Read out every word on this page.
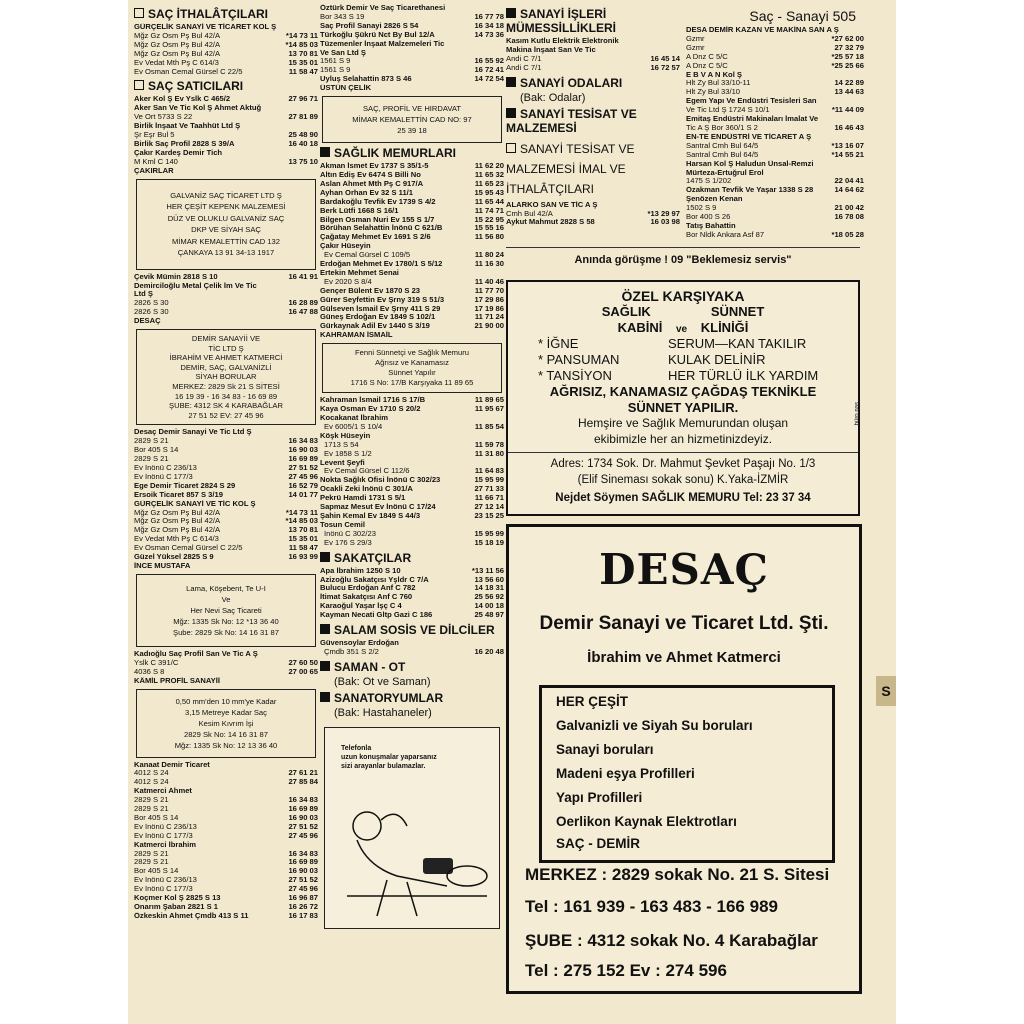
SAÇ İTHALÂTÇILARI
GÜRÇELİK SANAYİ VE TİCARET KOL Ş
Mğz Gz Osm Pş Bul 42/A	*14 73 11
Mğz Gz Osm Pş Bul 42/A	*14 85 03
Mğz Gz Osm Pş Bul 42/A	13 70 81
Ev Vedat Mth Pş C 614/3	15 35 01
Ev Osman Cemal Gürsel C 22/5	11 58 47
SAÇ SATICILARI
Aker Kol Ş Ev Yslk C 465/2	27 96 71
Aker San Ve Tic Kol Ş Ahmet Aktuğ
Ve Ort 5733 S 22	27 81 89
Birlik İnşaat Ve Taahhüt Ltd Ş
Şr Eşr Bul 5	25 48 90
Birlik Saç Profil 2828 S 39/A	16 40 18
Çakır Kardeş Demir Tich
M Kml C 140	13 75 10
ÇAKIRLAR
GALVANİZ SAÇ TİCARET LTD Ş
HER ÇEŞİT KEPENK MALZEMESİ
DÜZ VE OLUKLU GALVANİZ SAÇ
DKP VE SİYAH SAÇ
MİMAR KEMALETTİN CAD 132
ÇANKAYA 13 91 34-13 1917
Çevik Mümin 2818 S 10	16 41 91
Demirciloğlu Metal Çelik İm Ve Tic
Ltd Ş
2826 S 30	16 28 89
2826 S 30	16 47 88
DESAÇ
DEMİR SANAYİİ VE
TİC LTD Ş
İBRAHİM VE AHMET KATMERCİ
DEMİR, SAÇ, GALVANİZLİ
SİYAH BORULAR
MERKEZ: 2829 Sk 21 S SİTESİ
16 19 39 - 16 34 83 - 16 69 89
ŞUBE: 4312 SK 4 KARABAĞLAR
27 51 52 EV: 27 45 96
Desaç Demir Sanayi Ve Tic Ltd Ş
2829 S 21	16 34 83
Bor 405 S 14	16 90 03
2829 S 21	16 69 89
Ev İnönü C 236/13	27 51 52
Ev İnönü C 177/3	27 45 96
Ege Demir Ticaret 2824 S 29	16 52 79
Ersoik Ticaret 857 S 3/19	14 01 77
GÜRÇELİK SANAYİ VE TİC KOL Ş
Mğz Gz Osm Pş Bul 42/A	*14 73 11
Mğz Gz Osm Pş Bul 42/A	*14 85 03
Mğz Gz Osm Pş Bul 42/A	13 70 81
Ev Vedat Mth Pş C 614/3	15 35 01
Ev Osman Cemal Gürsel C 22/5	11 58 47
Güzel Yüksel 2825 S 9	16 93 99
İNCE MUSTAFA
Lama, Köşebent, Te U-I
Ve
Her Nevi Saç Ticareti
Mğz: 1335 Sk No: 12 *13 36 40
Şube: 2829 Sk No: 14 16 31 87
Kadıoğlu Saç Profil San Ve Tic A Ş
Yslk C 391/C	27 60 50
4036 S 8	27 00 65
KÂMİL PROFİL SANAYİİ
0,50 mm'den 10 mm'ye Kadar
3,15 Metreye Kadar Saç
Kesim Kıvrım İşi
2829 Sk No: 14 16 31 87
Mğz: 1335 Sk No: 12 13 36 40
Kanaat Demir Ticaret
4012 S 24	27 61 21
4012 S 24	27 85 84
Katmerci Ahmet
2829 S 21	16 34 83
2829 S 21	16 69 89
Bor 405 S 14	16 90 03
Ev İnönü C 236/13	27 51 52
Ev İnönü C 177/3	27 45 96
Katmerci İbrahim
2829 S 21	16 34 83
2829 S 21	16 69 89
Bor 405 S 14	16 90 03
Ev İnönü C 236/13	27 51 52
Ev İnönü C 177/3	27 45 96
Koçmer Kol Ş 2825 S 13	16 96 87
Onarım Şaban 2821 S 1	16 26 72
Özkeskin Ahmet Çmdb 413 S 11	16 17 83
Öztürk Demir Ve Saç Ticarethanesi
Bor 343 S 19	16 77 78
Saç Profil Sanayi 2826 S 54	16 34 18
Türkoğlu Şükrü Nct By Bul 12/A	14 73 36
Tüzemenler İnşaat Malzemeleri Tic
Ve San Ltd Ş
1561 S 9	16 55 92
1561 S 9	16 72 41
Uyluş Selahattin 873 S 46	14 72 54
ÜSTÜN ÇELİK
SAÇ, PROFİL VE HIRDAVAT
MİMAR KEMALETTİN CAD NO: 97
25 39 18
SAĞLIK MEMURLARI
Akman İsmet Ev 1737 S 35/1-5	11 62 20
Altın Ediş Ev 6474 S Billi No	11 65 32
Aslan Ahmet Mth Pş C 917/A	11 65 23
Ayhan Orhan Ev 32 S 11/1	15 95 43
Bardakoğlu Tevfik Ev 1739 S 4/2	11 65 44
Berk Lütfi 1668 S 16/1	11 74 71
Bilgen Osman Nuri Ev 155 S 1/7	15 22 95
Börühan Selahattin İnönü C 621/B	15 55 16
Çağatay Mehmet Ev 1691 S 2/6	11 56 80
Çakır Hüseyin
Ev Cemal Gürsel C 109/5	11 80 24
Erdoğan Mehmet Ev 1780/1 S 5/12	11 16 30
Ertekin Mehmet Senai
Ev 2020 S 8/4	11 40 46
Gençer Bülent Ev 1870 S 23	11 77 70
Gürer Seyfettin Ev Şrny 319 S 51/3	17 29 86
Gülseven İsmail Ev Şrny 411 S 29	17 19 86
Güneş Erdoğan Ev 1849 S 102/1	11 71 24
Gürkaynak Adil Ev 1440 S 3/19	21 90 00
KAHRAMAN İSMAİL
Fenni Sünnetçi ve Sağlık Memuru
Ağrısız ve Kanamasız
Sünnet Yapılır
1716 S No: 17/B Karşıyaka 11 89 65
Kahraman İsmail 1716 S 17/B	11 89 65
Kaya Osman Ev 1710 S 20/2	11 95 67
Kocakanat İbrahim
Ev 6005/1 S 10/4	11 85 54
Köşk Hüseyin
1713 S 54	11 59 78
Ev 1858 S 1/2	11 31 80
Levent Şeyfi
Ev Cemal Gürsel C 112/6	11 64 83
Nokta Sağlık Ofisi İnönü C 302/23	15 95 99
Ocakli Zeki İnönü C 301/A	27 71 33
Pekrü Hamdi 1731 S 5/1	11 66 71
Sapmaz Mesut Ev İnönü C 17/24	27 12 14
Şahin Kemal Ev 1849 S 44/3	23 15 25
Tosun Cemil
İnönü C 302/23	15 95 99
Ev 176 S 29/3	15 18 19
SAKATÇILAR
Apa İbrahim 1250 S 10	*13 11 56
Azizoğlu Sakatçısı Yşldr C 7/A	13 56 60
Bulucu Erdoğan Anf C 782	14 18 31
İtimat Sakatçısı Anf C 760	25 56 92
Karaoğul Yaşar İşç C 4	14 00 18
Kayman Necati Gltp Gazi C 186	25 48 97
SALAM SOSİS VE DİLCİLER
Güvensoylar Erdoğan
Çmdb 351 S 2/2	16 20 48
SAMAN - OT
(Bak: Ot ve Saman)
SANATORYUMLAR
(Bak: Hastahaneler)
Telefonla
uzun konuşmalar yaparsanız
sizi arayanlar bulamazlar.
Saç - Sanayi 505
SANAYİ İŞLERİ MÜMESSİLLİKLERİ
Kasım Kutlu Elektrik Elektronik
Makina İnşaat San Ve Tic
Andi C 7/1	16 45 14
Andi C 7/1	16 72 57
SANAYİ ODALARI
(Bak: Odalar)
SANAYİ TESİSAT VE MALZEMESİ
SANAYİ TESİSAT VE MALZEMESİ İMAL VE İTHALÂTÇILARI
ALARKO SAN VE TİC A Ş
Cmh Bul 42/A	*13 29 97
Aykut Mahmut 2828 S 58	16 03 98
DESA DEMİR KAZAN VE MAKİNA SAN A Ş
Gzmr	*27 62 00
Gzmr	27 32 79
A Dnz C 5/C	*25 57 18
A Dnz C 5/C	*25 25 66
E B V A N Kol Ş
Hlt Zy Bul 33/10-11	14 22 89
Hlt Zy Bul 33/10	13 44 63
Egem Yapı Ve Endüstri Tesisleri San
Ve Tic Ltd Ş 1724 S 10/1	*11 44 09
Emitaş Endüstri Makinaları İmalat Ve
Tic A Ş Bor 360/1 S 2	16 46 43
EN-TE ENDÜSTRİ VE TİCARET A Ş
Santral Cmh Bul 64/5	*13 16 07
Santral Cmh Bul 64/5	*14 55 21
Harsan Kol Ş Haludun Ünsal-Remzi
Mürteza-Ertuğrul Erol
1475 S 1/202	22 04 41
Özakman Tevfik Ve Yaşar 1338 S 28	14 64 62
Şenözen Kenan
1502 S 9	21 00 42
Bor 400 S 26	16 78 08
Tatış Bahattin
Bor Nldk Ankara Asf 87	*18 05 28
Anında görüşme ! 09 "Beklemesiz servis"
ÖZEL KARŞIYAKA
SAĞLIK	SÜNNET
KABİNİ ve KLİNİĞİ
* İĞNE	SERUM—KAN TAKILIR
* PANSUMAN	KULAK DELİNİR
* TANSİYON	HER TÜRLÜ İLK YARDIM
AĞRISIZ, KANAMASIZ ÇAĞDAŞ TEKNİKLE
SÜNNET YAPILIR.
Hemşire ve Sağlık Memurundan oluşan
ekibimizle her an hizmetinizdeyiz.
Adres: 1734 Sok. Dr. Mahmut Şevket Paşajı No. 1/3
(Elif Sineması sokak sonu) K.Yaka-İZMİR
Nejdet Söymen SAĞLIK MEMURU Tel: 23 37 34
büro nas
DESAÇ
Demir Sanayi ve Ticaret Ltd. Şti.
İbrahim ve Ahmet Katmerci
HER ÇEŞİT
Galvanizli ve Siyah Su boruları
Sanayi boruları
Madeni eşya Profilleri
Yapı Profilleri
Oerlikon Kaynak Elektrotları
SAÇ - DEMİR
MERKEZ : 2829 sokak No. 21 S. Sitesi
Tel : 161 939 - 163 483 - 166 989
ŞUBE : 4312 sokak No. 4 Karabağlar
Tel : 275 152 Ev : 274 596
S
